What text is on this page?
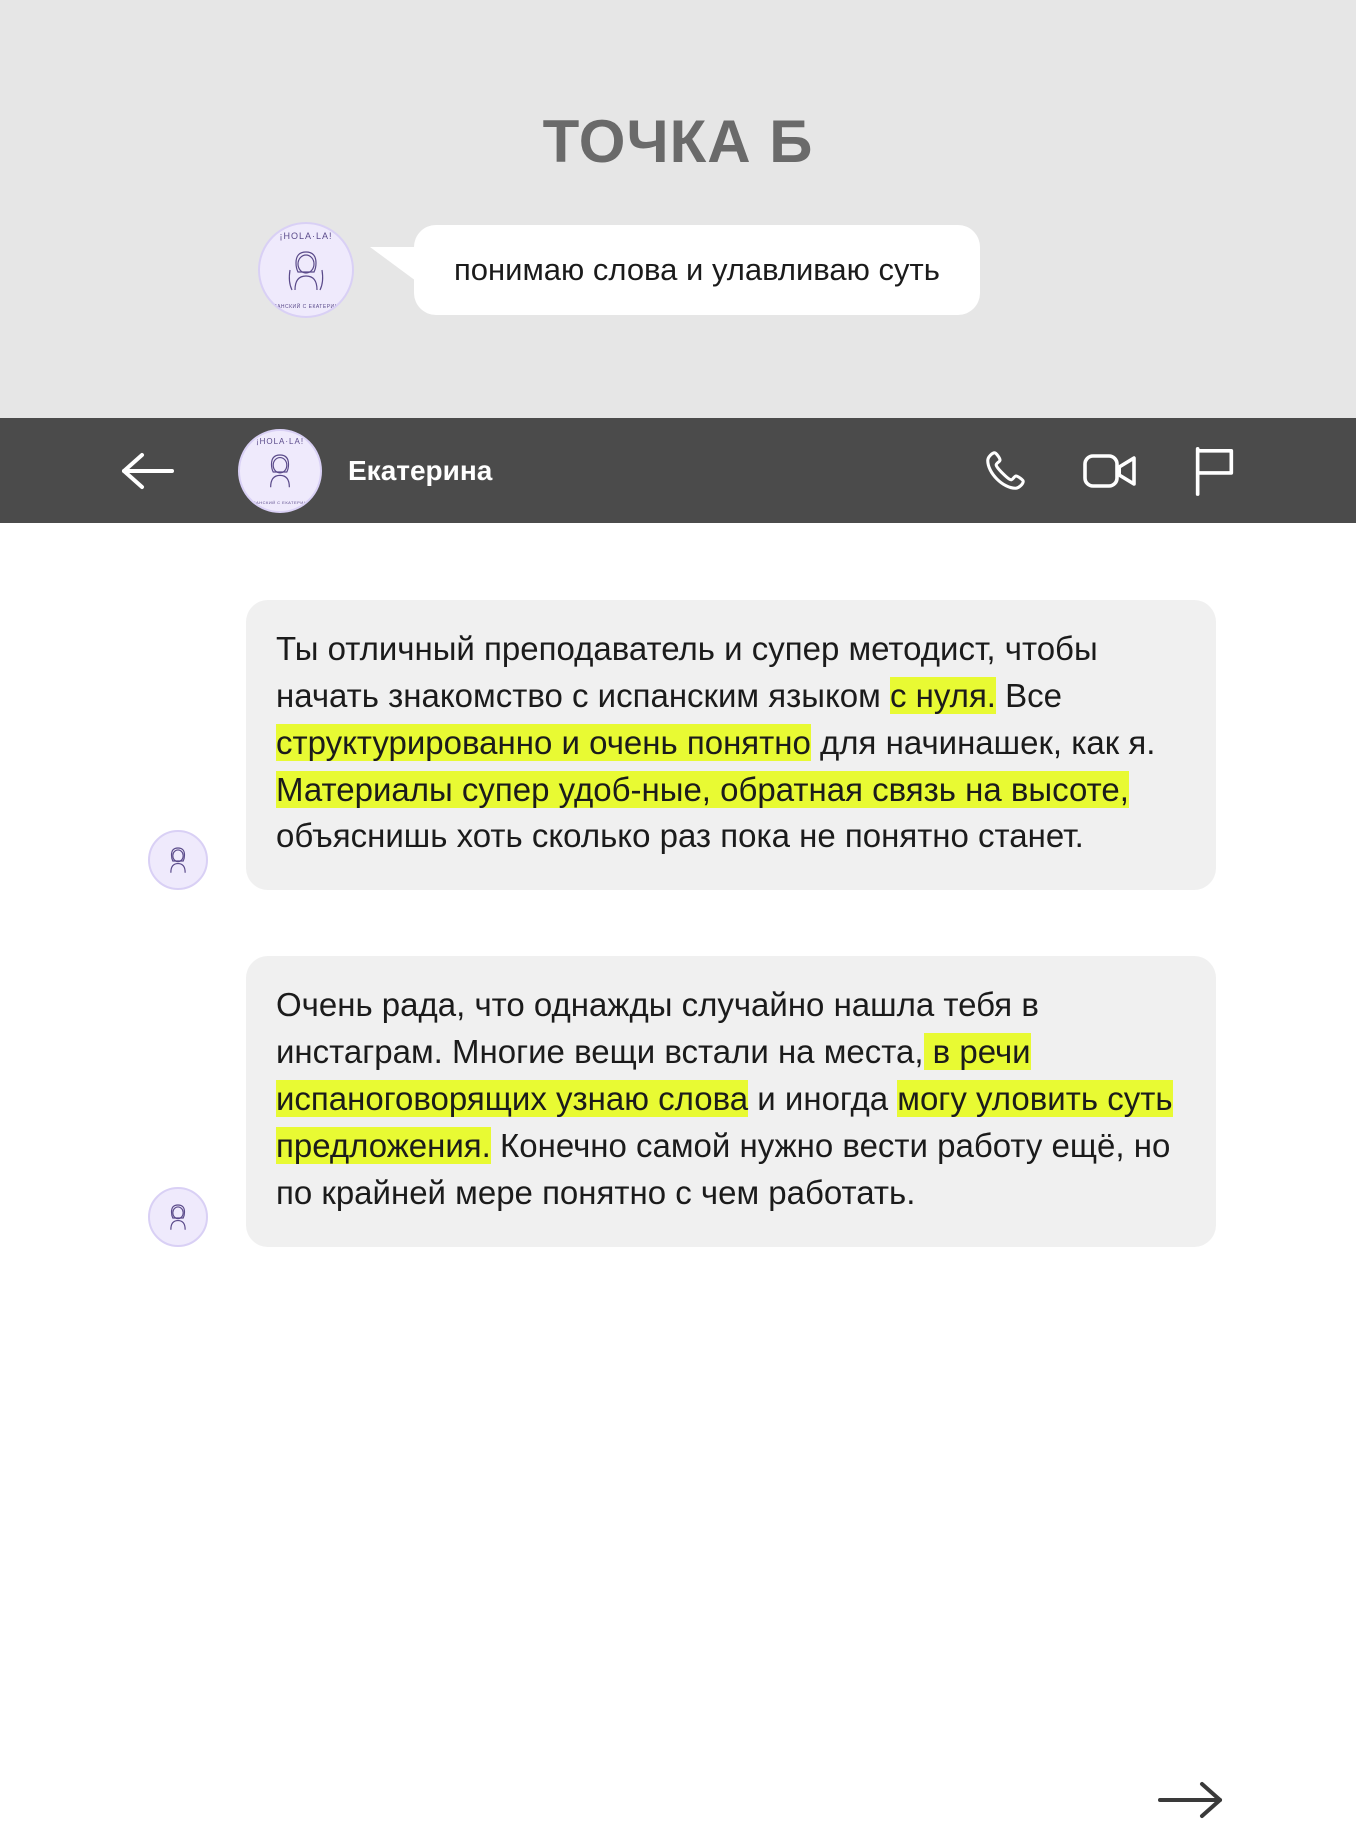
ТОЧКА Б
¡HOLA·LA!
ИСПАНСКИЙ С ЕКАТЕРИНОЙ
понимаю слова и улавливаю суть
¡HOLA·LA!
ИСПАНСКИЙ С ЕКАТЕРИНОЙ
Екатерина
Ты отличный преподаватель и супер методист, чтобы начать знакомство с испанским языком с нуля. Все структурированно и очень понятно для начинашек, как я. Материалы супер удоб-ные, обратная связь на высоте, объяснишь хоть сколько раз пока не понятно станет.
Очень рада, что однажды случайно нашла тебя в инстаграм. Многие вещи встали на места, в речи испаноговорящих узнаю слова и иногда могу уловить суть предложения. Конечно самой нужно вести работу ещё, но по крайней мере понятно с чем работать.
